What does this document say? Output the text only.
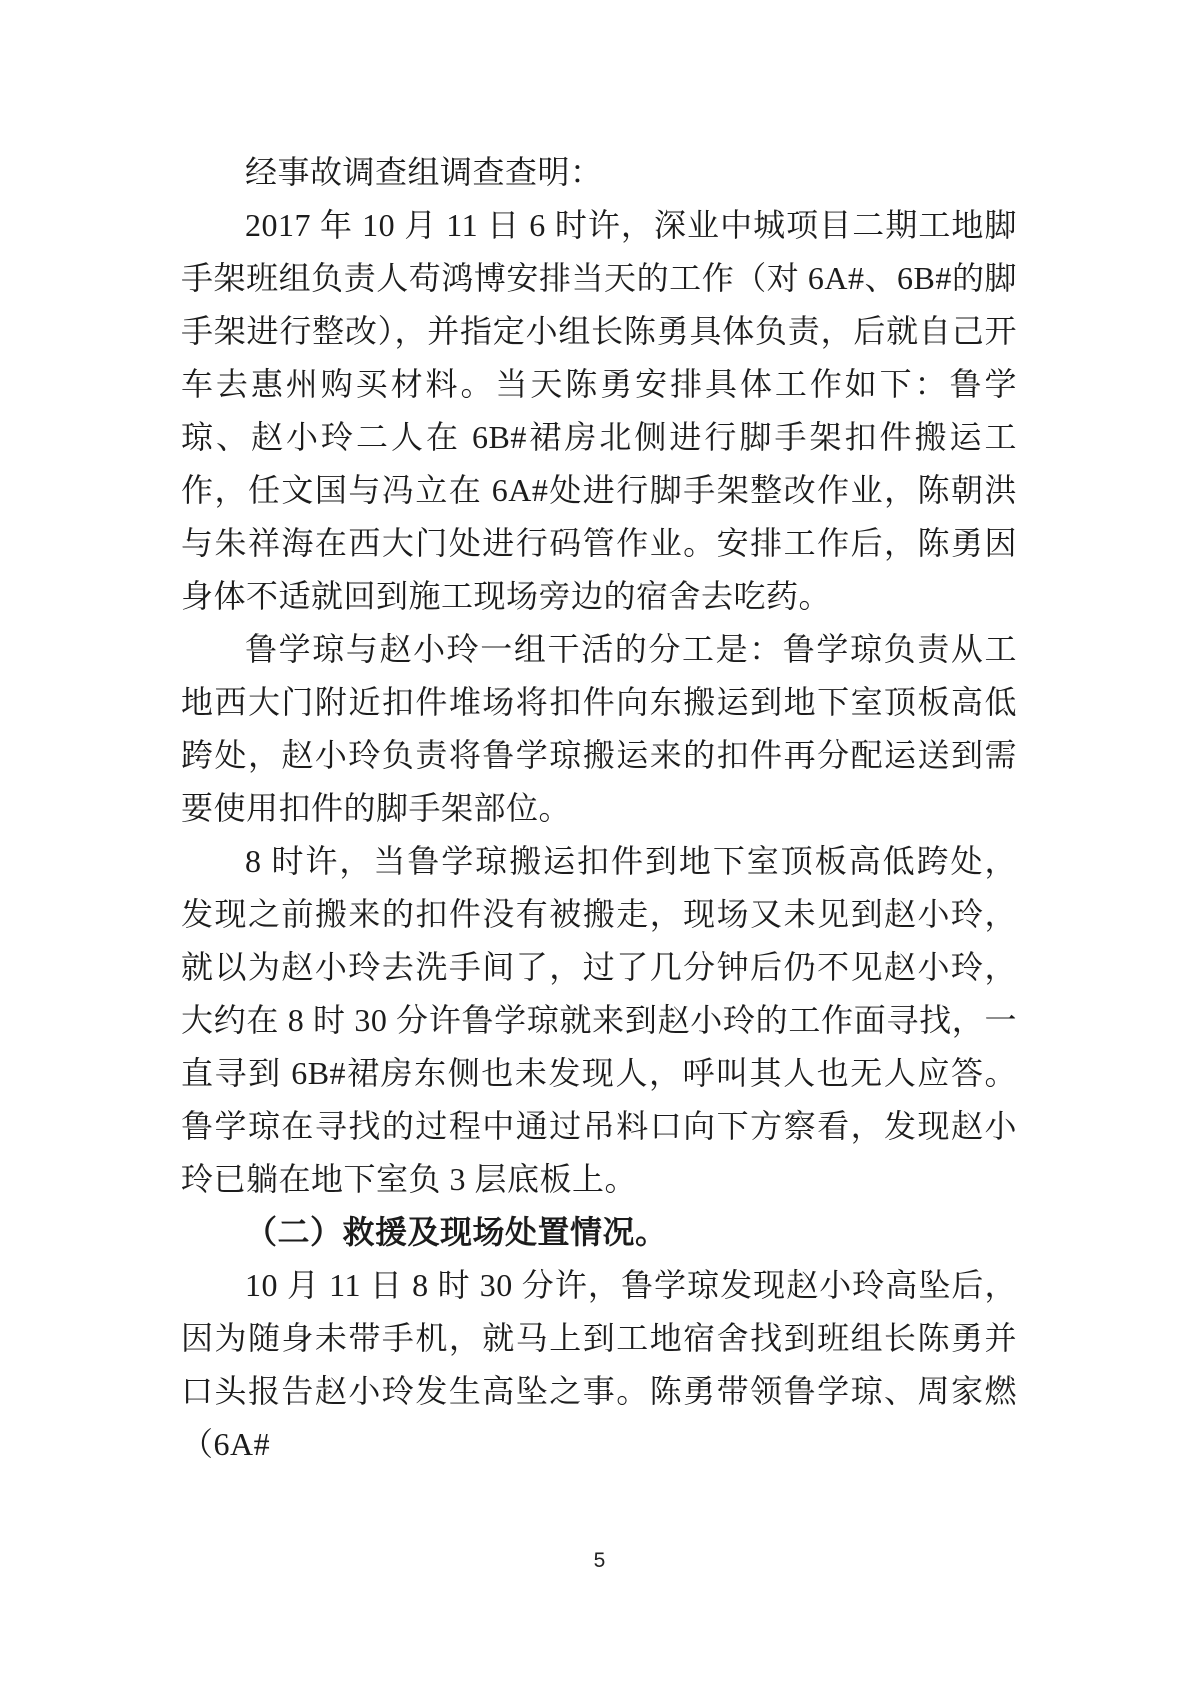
经事故调查组调查查明：

2017 年 10 月 11 日 6 时许，深业中城项目二期工地脚手架班组负责人苟鸿博安排当天的工作（对 6A#、6B#的脚手架进行整改），并指定小组长陈勇具体负责，后就自己开车去惠州购买材料。当天陈勇安排具体工作如下：鲁学琼、赵小玲二人在 6B#裙房北侧进行脚手架扣件搬运工作，任文国与冯立在 6A#处进行脚手架整改作业，陈朝洪与朱祥海在西大门处进行码管作业。安排工作后，陈勇因身体不适就回到施工现场旁边的宿舍去吃药。

鲁学琼与赵小玲一组干活的分工是：鲁学琼负责从工地西大门附近扣件堆场将扣件向东搬运到地下室顶板高低跨处，赵小玲负责将鲁学琼搬运来的扣件再分配运送到需要使用扣件的脚手架部位。

8 时许，当鲁学琼搬运扣件到地下室顶板高低跨处，发现之前搬来的扣件没有被搬走，现场又未见到赵小玲，就以为赵小玲去洗手间了，过了几分钟后仍不见赵小玲，大约在 8 时 30 分许鲁学琼就来到赵小玲的工作面寻找，一直寻到 6B#裙房东侧也未发现人，呼叫其人也无人应答。鲁学琼在寻找的过程中通过吊料口向下方察看，发现赵小玲已躺在地下室负 3 层底板上。

（二）救援及现场处置情况。

10 月 11 日 8 时 30 分许，鲁学琼发现赵小玲高坠后，因为随身未带手机，就马上到工地宿舍找到班组长陈勇并口头报告赵小玲发生高坠之事。陈勇带领鲁学琼、周家燃（6A#

5
